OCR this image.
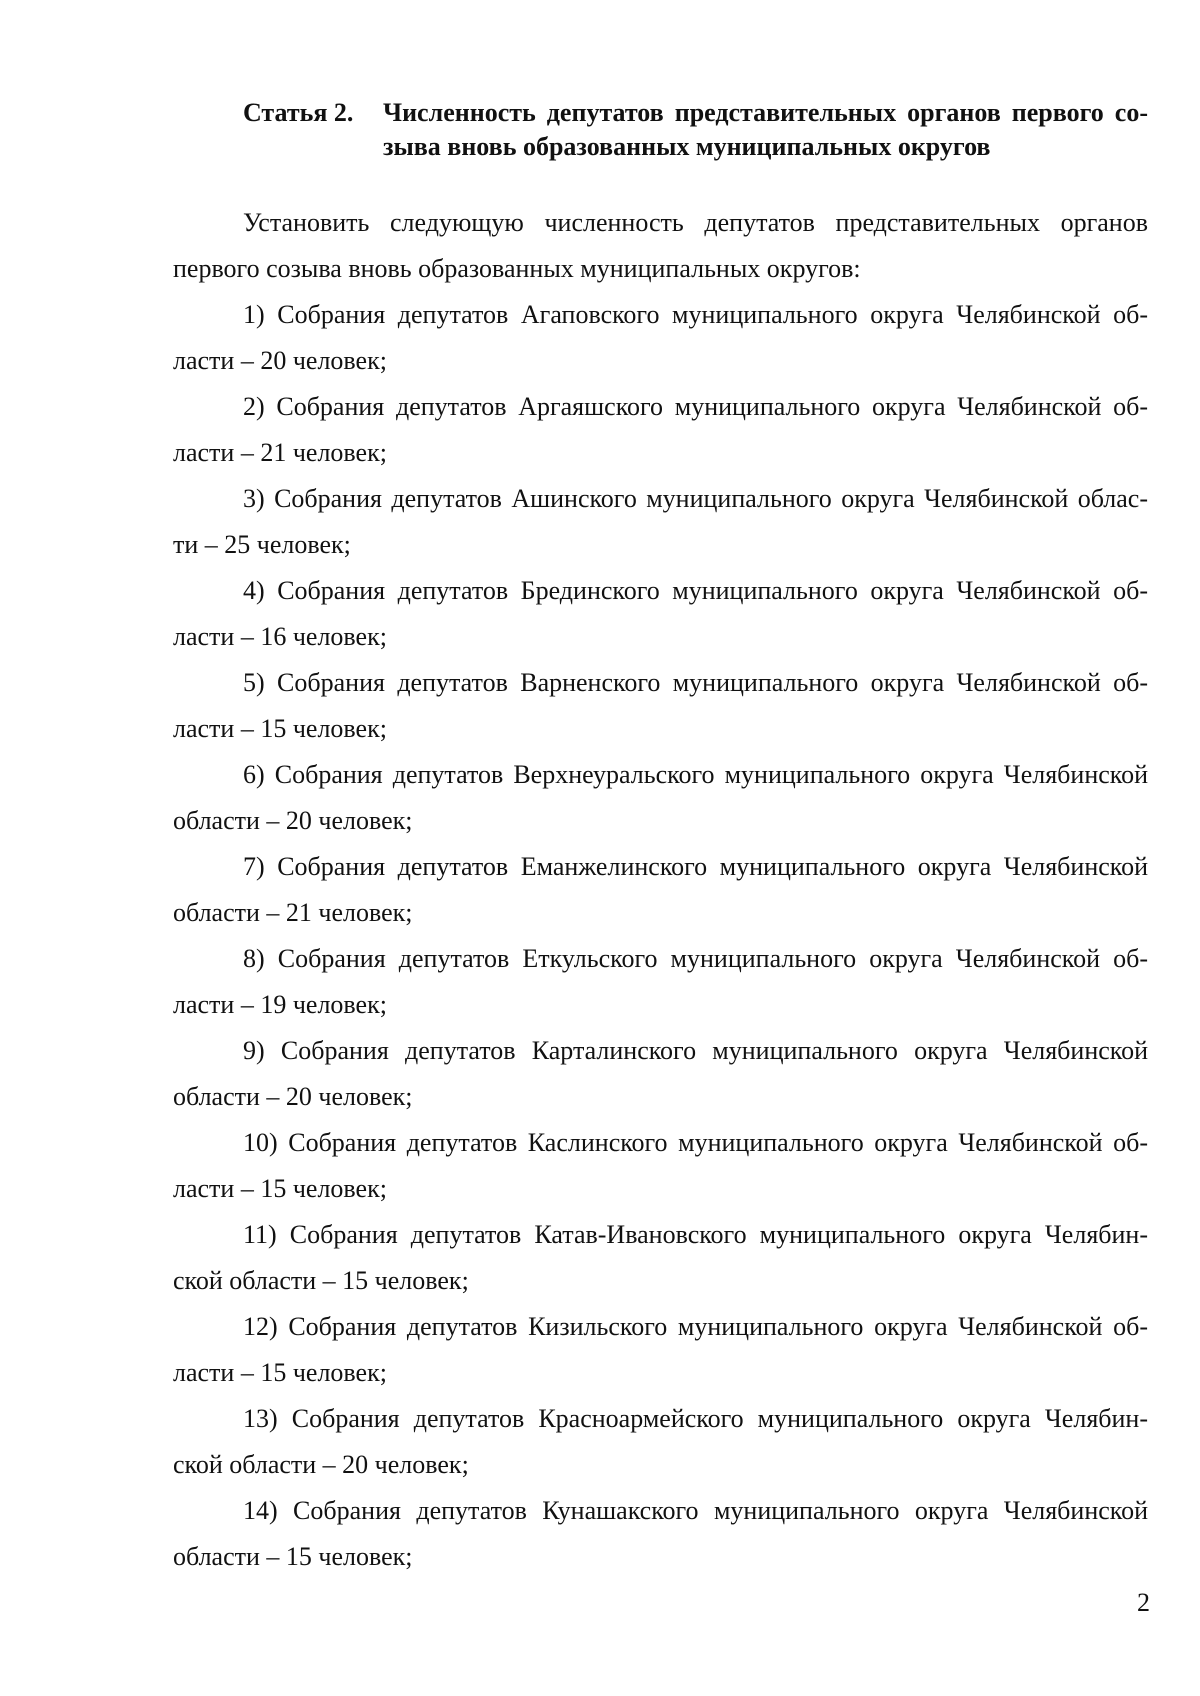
Статья 2.	Численность депутатов представительных органов первого со-зыва вновь образованных муниципальных округов

Установить следующую численность депутатов представительных органов первого созыва вновь образованных муниципальных округов:

1) Собрания депутатов Агаповского муниципального округа Челябинской об-ласти – 20 человек;

2) Собрания депутатов Аргаяшского муниципального округа Челябинской об-ласти – 21 человек;

3) Собрания депутатов Ашинского муниципального округа Челябинской облас-ти – 25 человек;

4) Собрания депутатов Брединского муниципального округа Челябинской об-ласти – 16 человек;

5) Собрания депутатов Варненского муниципального округа Челябинской об-ласти – 15 человек;

6) Собрания депутатов Верхнеуральского муниципального округа Челябинской области – 20 человек;

7) Собрания депутатов Еманжелинского муниципального округа Челябинской области – 21 человек;

8) Собрания депутатов Еткульского муниципального округа Челябинской об-ласти – 19 человек;

9) Собрания депутатов Карталинского муниципального округа Челябинской области – 20 человек;

10) Собрания депутатов Каслинского муниципального округа Челябинской об-ласти – 15 человек;

11) Собрания депутатов Катав-Ивановского муниципального округа Челябин-ской области – 15 человек;

12) Собрания депутатов Кизильского муниципального округа Челябинской об-ласти – 15 человек;

13) Собрания депутатов Красноармейского муниципального округа Челябин-ской области – 20 человек;

14) Собрания депутатов Кунашакского муниципального округа Челябинской области – 15 человек;

2
